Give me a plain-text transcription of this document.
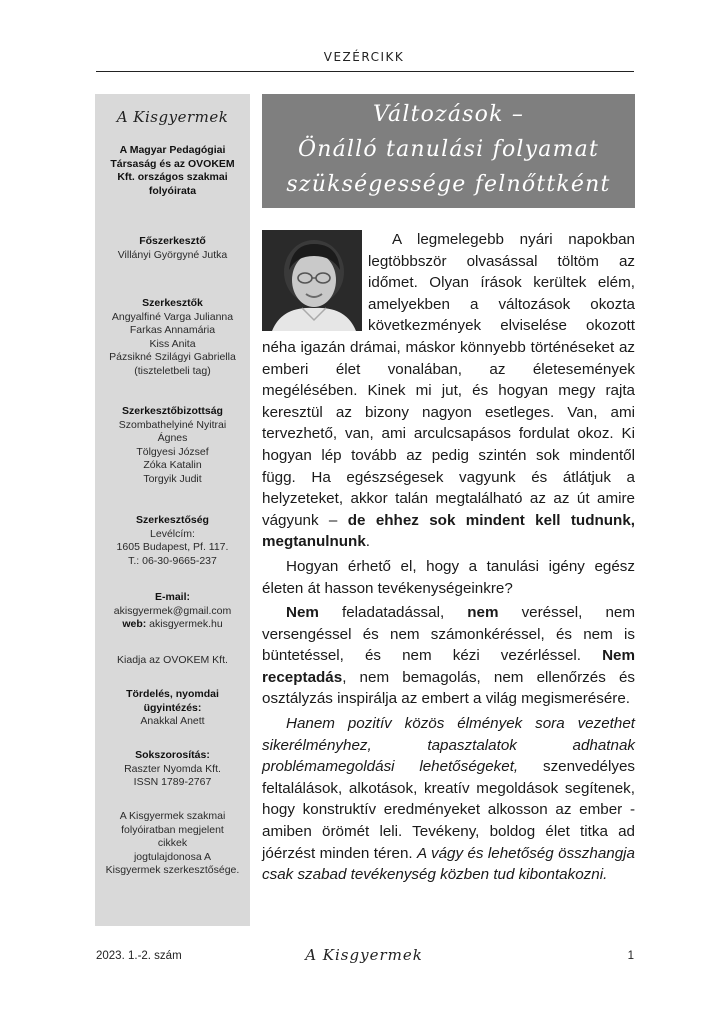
VEZÉRCIKK
A Kisgyermek
A Magyar Pedagógiai
Társaság és az OVOKEM
Kft. országos szakmai
folyóirata
Főszerkesztő
Villányi Györgyné Jutka
Szerkesztők
Angyalfiné Varga Julianna
Farkas Annamária
Kiss Anita
Pázsikné Szilágyi Gabriella
(tiszteletbeli tag)
Szerkesztőbizottság
Szombathelyiné Nyitrai
Ágnes
Tölgyesi József
Zóka Katalin
Torgyik Judit
Szerkesztőség
Levélcím:
1605 Budapest, Pf. 117.
T.: 06-30-9665-237
E-mail:
akisgyermek@gmail.com
web: akisgyermek.hu
Kiadja az OVOKEM Kft.
Tördelés, nyomdai
ügyintézés:
Anakkal Anett
Sokszorosítás:
Raszter Nyomda Kft.
ISSN 1789-2767
A Kisgyermek szakmai
folyóiratban megjelent
cikkek
jogtulajdonosa A
Kisgyermek szerkesztősége.
Változások –
Önálló tanulási folyamat
szükségessége felnőttként

A legmelegebb nyári napokban legtöbbször olvasással töltöm az időmet. Olyan írások kerültek elém, amelyekben a változások okozta következmények elviselése okozott néha igazán drámai, máskor könnyebb történéseket az emberi élet vonalában, az életesemények megélésében. Kinek mi jut, és hogyan megy rajta keresztül az bizony nagyon esetleges. Van, ami tervezhető, van, ami arculcsapásos fordulat okoz. Ki hogyan lép tovább az pedig szintén sok mindentől függ. Ha egészségesek vagyunk és átlátjuk a helyzeteket, akkor talán megtalálható az az út amire vágyunk – de ehhez sok mindent kell tudnunk, megtanulnunk.

Hogyan érhető el, hogy a tanulási igény egész életen át hasson tevékenységeinkre?

Nem feladatadással, nem veréssel, nem versengéssel és nem számonkéréssel, és nem is büntetéssel, és nem kézi vezérléssel. Nem receptadás, nem bemagolás, nem ellenőrzés és osztályzás inspirálja az embert a világ megismerésére.

Hanem pozitív közös élmények sora vezethet sikerélményhez, tapasztalatok adhatnak problémamegoldási lehetőségeket, szenvedélyes feltalálások, alkotások, kreatív megoldások segítenek, hogy konstruktív eredményeket alkosson az ember - amiben örömét leli. Tevékeny, boldog élet titka ad jóérzést minden téren. A vágy és lehetőség összhangja csak szabad tevékenység közben tud kibontakozni.

2023. 1.-2. szám	A Kisgyermek	1
